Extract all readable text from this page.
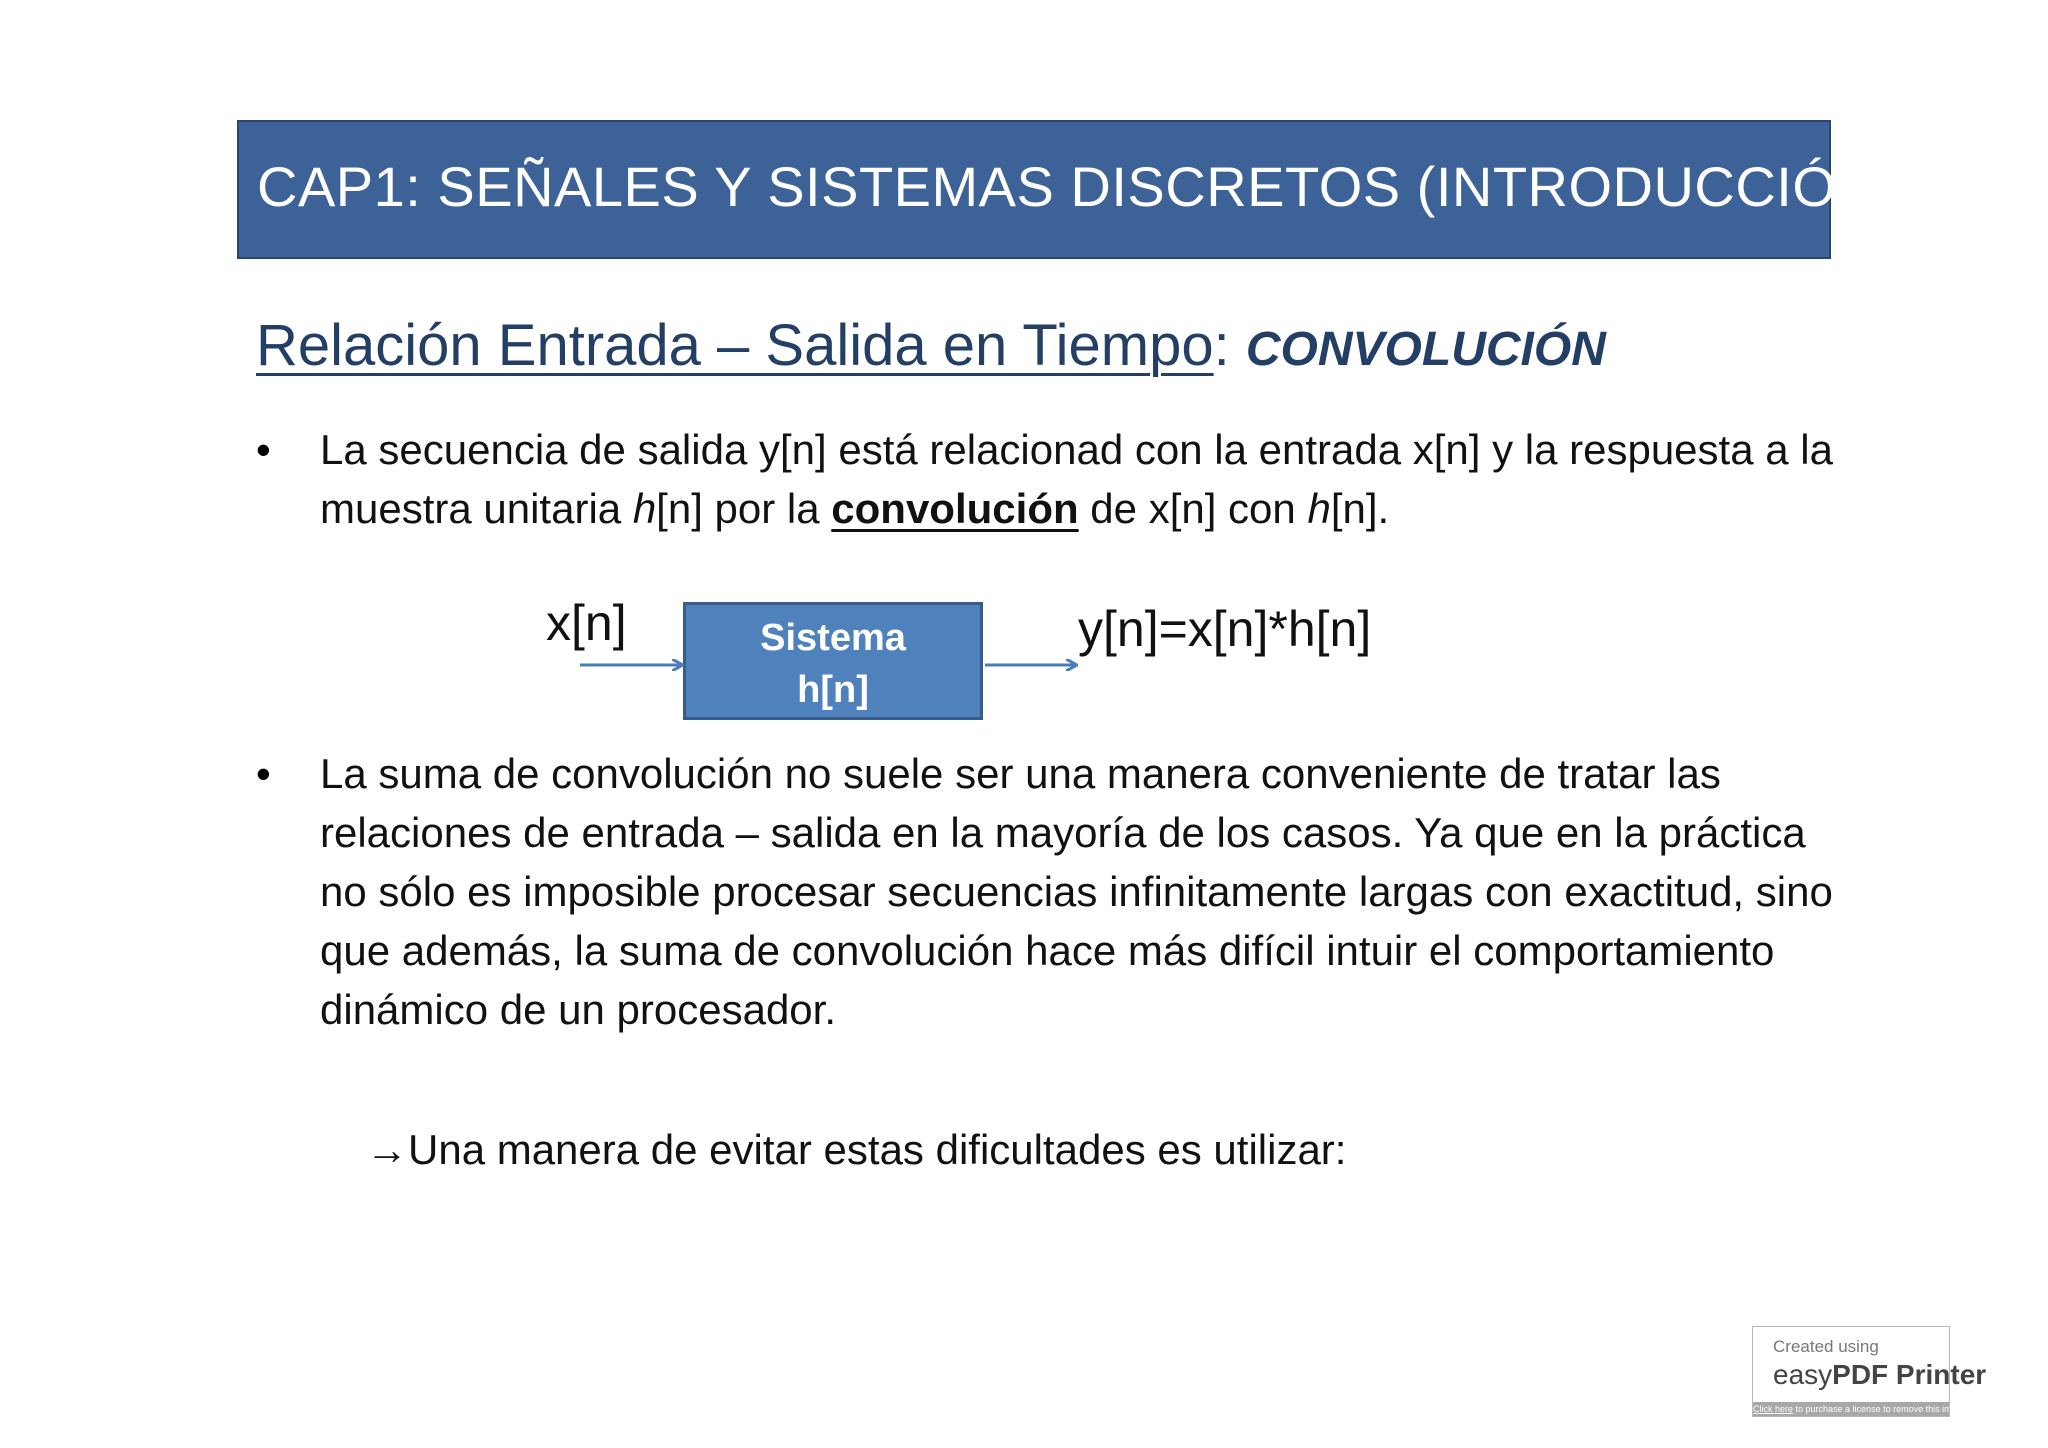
CAP1: SEÑALES Y SISTEMAS DISCRETOS (INTRODUCCIÓN)
Relación Entrada – Salida en Tiempo: CONVOLUCIÓN
• La secuencia de salida y[n] está relacionad con la entrada x[n] y la respuesta a la muestra unitaria h[n] por la convolución de x[n] con h[n].
x[n]	Sistema
h[n]
y[n]=x[n]*h[n]
• La suma de convolución no suele ser una manera conveniente de tratar las relaciones de entrada – salida en la mayoría de los casos. Ya que en la práctica no sólo es imposible procesar secuencias infinitamente largas con exactitud, sino que además, la suma de convolución hace más difícil intuir el comportamiento dinámico de un procesador.
→Una manera de evitar estas dificultades es utilizar:
Created using
easyPDF Printer
Click here to purchase a license to remove this image
